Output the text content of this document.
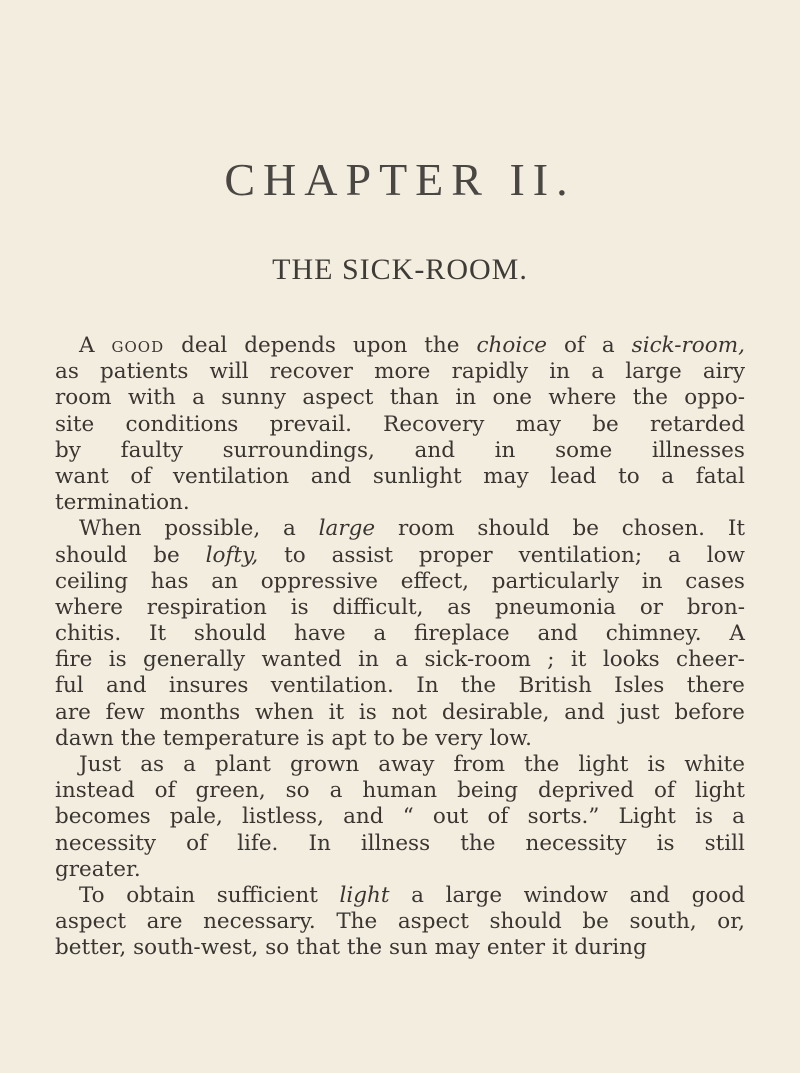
CHAPTER II.
THE SICK-ROOM.
A good deal depends upon the choice of a sick-room,
as patients will recover more rapidly in a large airy
room with a sunny aspect than in one where the oppo-
site conditions prevail. Recovery may be retarded
by faulty surroundings, and in some illnesses
want of ventilation and sunlight may lead to a fatal
termination.
When possible, a large room should be chosen. It
should be lofty, to assist proper ventilation; a low
ceiling has an oppressive effect, particularly in cases
where respiration is difficult, as pneumonia or bron-
chitis. It should have a fireplace and chimney. A
fire is generally wanted in a sick-room ; it looks cheer-
ful and insures ventilation. In the British Isles there
are few months when it is not desirable, and just before
dawn the temperature is apt to be very low.
Just as a plant grown away from the light is white
instead of green, so a human being deprived of light
becomes pale, listless, and “ out of sorts.” Light is a
necessity of life. In illness the necessity is still
greater.
To obtain sufficient light a large window and good
aspect are necessary. The aspect should be south, or,
better, south-west, so that the sun may enter it during
